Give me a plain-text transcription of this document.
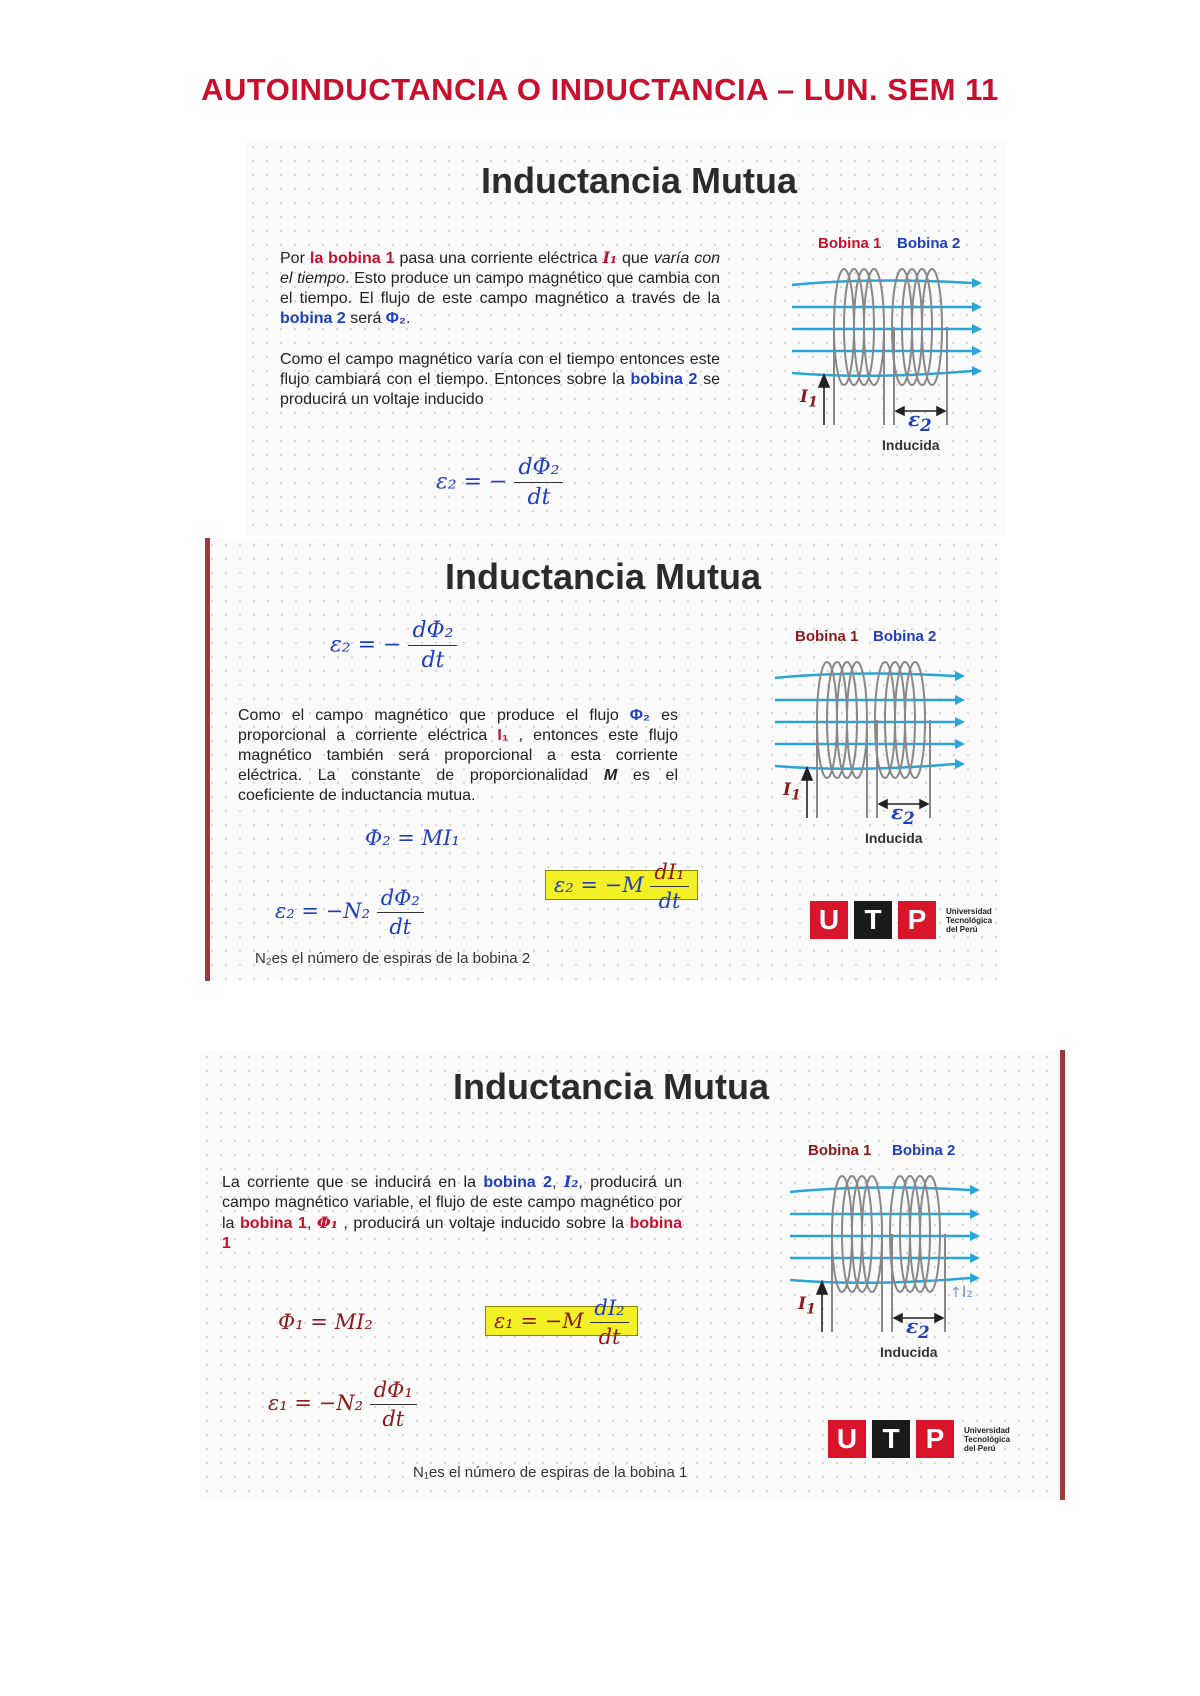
AUTOINDUCTANCIA O INDUCTANCIA – LUN. SEM 11
Inductancia Mutua
Por la bobina 1 pasa una corriente eléctrica I₁ que varía con el tiempo. Esto produce un campo magnético que cambia con el tiempo. El flujo de este campo magnético a través de la bobina 2 será Φ₂.
Como el campo magnético varía con el tiempo entonces este flujo cambiará con el tiempo. Entonces sobre la bobina 2 se producirá un voltaje inducido
ε₂ = − $\frac{\text{dΦ₂}}{dt}$
Bobina 1 Bobina 2
$I_1$
$\varepsilon_2$
Inducida
Inductancia Mutua
ε₂ = − $\frac{\text{dΦ₂}}{dt}$
Como el campo magnético que produce el flujo Φ₂ es proporcional a corriente eléctrica I₁ , entonces este flujo magnético también será proporcional a esta corriente eléctrica. La constante de proporcionalidad M es el coeficiente de inductancia mutua.
Φ₂ = MI₁
$\varepsilon_2 = -M \frac{\text{dI₁}}{dt}$
$\varepsilon_2 = -N_2 \frac{\text{dΦ₂}}{dt}$
N₂es el número de espiras de la bobina 2
Bobina 1 Bobina 2
$I_1$
$\varepsilon_2$
Inducida
U T P	Universidad
Tecnológica
del Perú
Inductancia Mutua
La corriente que se inducirá en la bobina 2, I₂, producirá un campo magnético variable, el flujo de este campo magnético por la bobina 1, Φ₁ , producirá un voltaje inducido sobre la bobina 1
Φ₁ = MI₂	$\varepsilon_1 = -M \frac{\text{dI₂}}{dt}$
$\varepsilon_1 = -N_2 \frac{\text{dΦ₁}}{dt}$
N₁es el número de espiras de la bobina 1
Bobina 1 Bobina 2
$I_1$
$\varepsilon_2$
Inducida
↑I₂
U T P	Universidad
Tecnológica
del Perú
